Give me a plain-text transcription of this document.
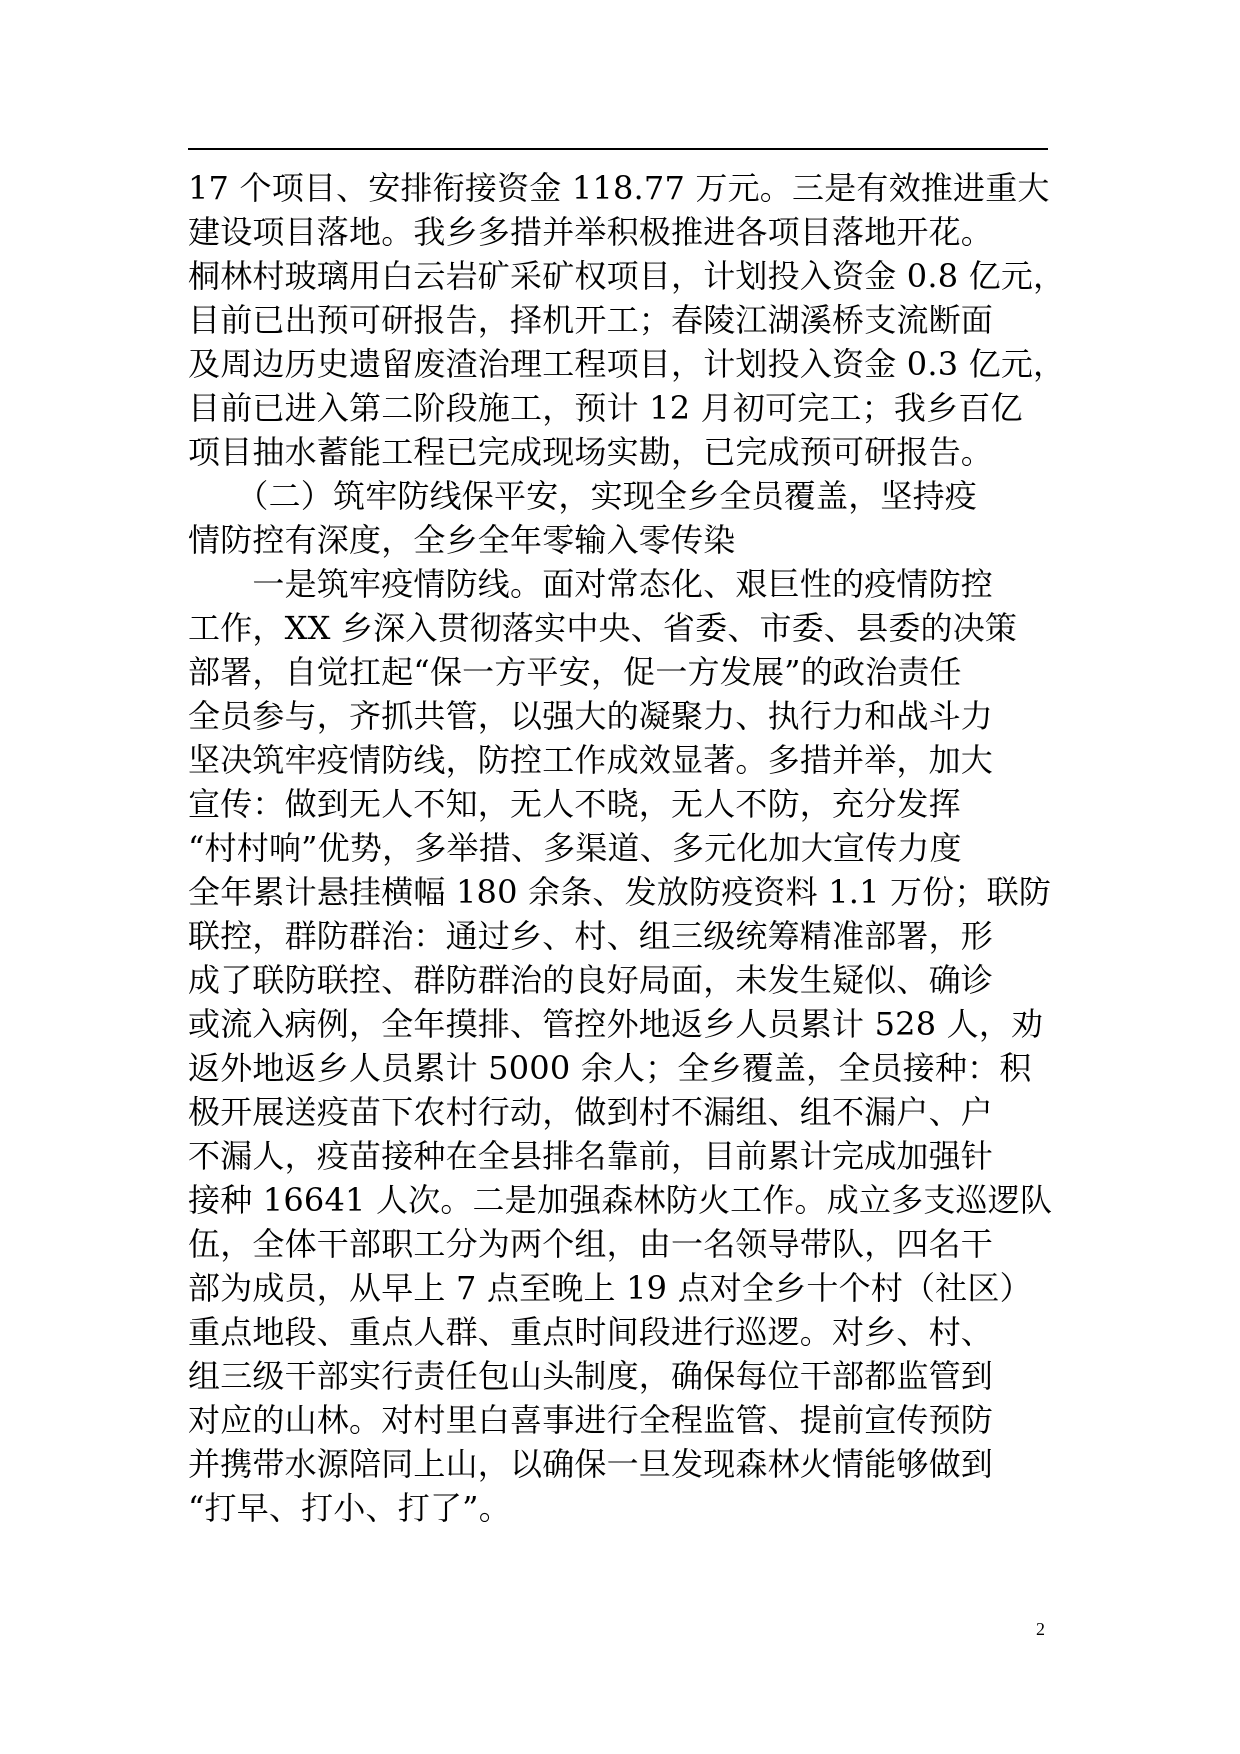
17 个项目、安排衔接资金 118.77 万元。三是有效推进重大
建设项目落地。我乡多措并举积极推进各项目落地开花。
桐林村玻璃用白云岩矿采矿权项目，计划投入资金 0.8 亿元，
目前已出预可研报告，择机开工；春陵江湖溪桥支流断面
及周边历史遗留废渣治理工程项目，计划投入资金 0.3 亿元，
目前已进入第二阶段施工，预计 12 月初可完工；我乡百亿
项目抽水蓄能工程已完成现场实勘，已完成预可研报告。
　　（二）筑牢防线保平安，实现全乡全员覆盖，坚持疫
情防控有深度，全乡全年零输入零传染
　　一是筑牢疫情防线。面对常态化、艰巨性的疫情防控
工作，XX 乡深入贯彻落实中央、省委、市委、县委的决策
部署，自觉扛起“保一方平安，促一方发展”的政治责任
全员参与，齐抓共管，以强大的凝聚力、执行力和战斗力
坚决筑牢疫情防线，防控工作成效显著。多措并举，加大
宣传：做到无人不知，无人不晓，无人不防，充分发挥
“村村响”优势，多举措、多渠道、多元化加大宣传力度
全年累计悬挂横幅 180 余条、发放防疫资料 1.1 万份；联防
联控，群防群治：通过乡、村、组三级统筹精准部署，形
成了联防联控、群防群治的良好局面，未发生疑似、确诊
或流入病例，全年摸排、管控外地返乡人员累计 528 人，劝
返外地返乡人员累计 5000 余人；全乡覆盖，全员接种：积
极开展送疫苗下农村行动，做到村不漏组、组不漏户、户
不漏人，疫苗接种在全县排名靠前，目前累计完成加强针
接种 16641 人次。二是加强森林防火工作。成立多支巡逻队
伍，全体干部职工分为两个组，由一名领导带队，四名干
部为成员，从早上 7 点至晚上 19 点对全乡十个村（社区）
重点地段、重点人群、重点时间段进行巡逻。对乡、村、
组三级干部实行责任包山头制度，确保每位干部都监管到
对应的山林。对村里白喜事进行全程监管、提前宣传预防
并携带水源陪同上山，以确保一旦发现森林火情能够做到
“打早、打小、打了”。
2
